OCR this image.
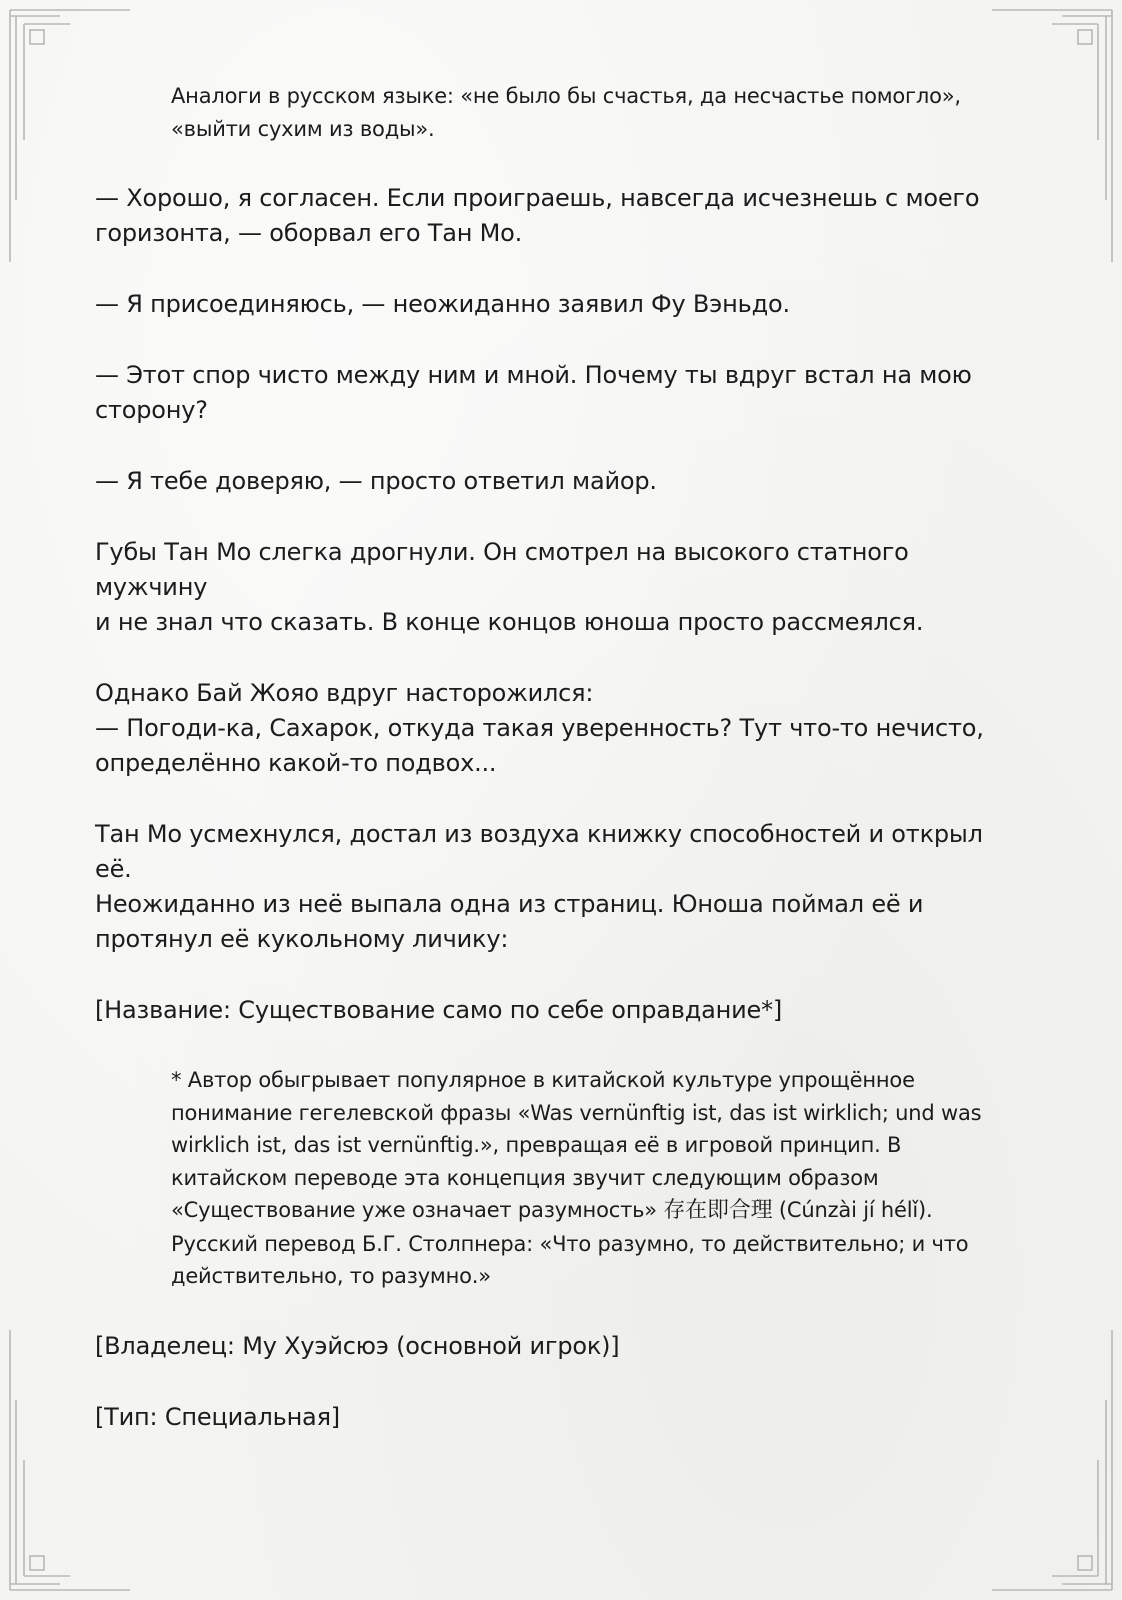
Аналоги в русском языке: «не было бы счастья, да несчастье помогло»,
«выйти сухим из воды».
— Хорошо, я согласен. Если проиграешь, навсегда исчезнешь с моего
горизонта, — оборвал его Тан Мо.
— Я присоединяюсь, — неожиданно заявил Фу Вэньдо.
— Этот спор чисто между ним и мной. Почему ты вдруг встал на мою
сторону?
— Я тебе доверяю, — просто ответил майор.
Губы Тан Мо слегка дрогнули. Он смотрел на высокого статного мужчину
и не знал что сказать. В конце концов юноша просто рассмеялся.
Однако Бай Жояо вдруг насторожился:
— Погоди-ка, Сахарок, откуда такая уверенность? Тут что-то нечисто,
определённо какой-то подвох...
Тан Мо усмехнулся, достал из воздуха книжку способностей и открыл её.
Неожиданно из неё выпала одна из страниц. Юноша поймал её и
протянул её кукольному личику:
[Название: Существование само по себе оправдание*]
* Автор обыгрывает популярное в китайской культуре упрощённое
понимание гегелевской фразы «Was vernünftig ist, das ist wirklich; und was
wirklich ist, das ist vernünftig.», превращая её в игровой принцип. В
китайском переводе эта концепция звучит следующим образом
«Существование уже означает разумность» 存在即合理 (Cúnzài jí hélǐ).
Русский перевод Б.Г. Столпнера: «Что разумно, то действительно; и что
действительно, то разумно.»
[Владелец: Му Хуэйсюэ (основной игрок)]
[Тип: Специальная]
